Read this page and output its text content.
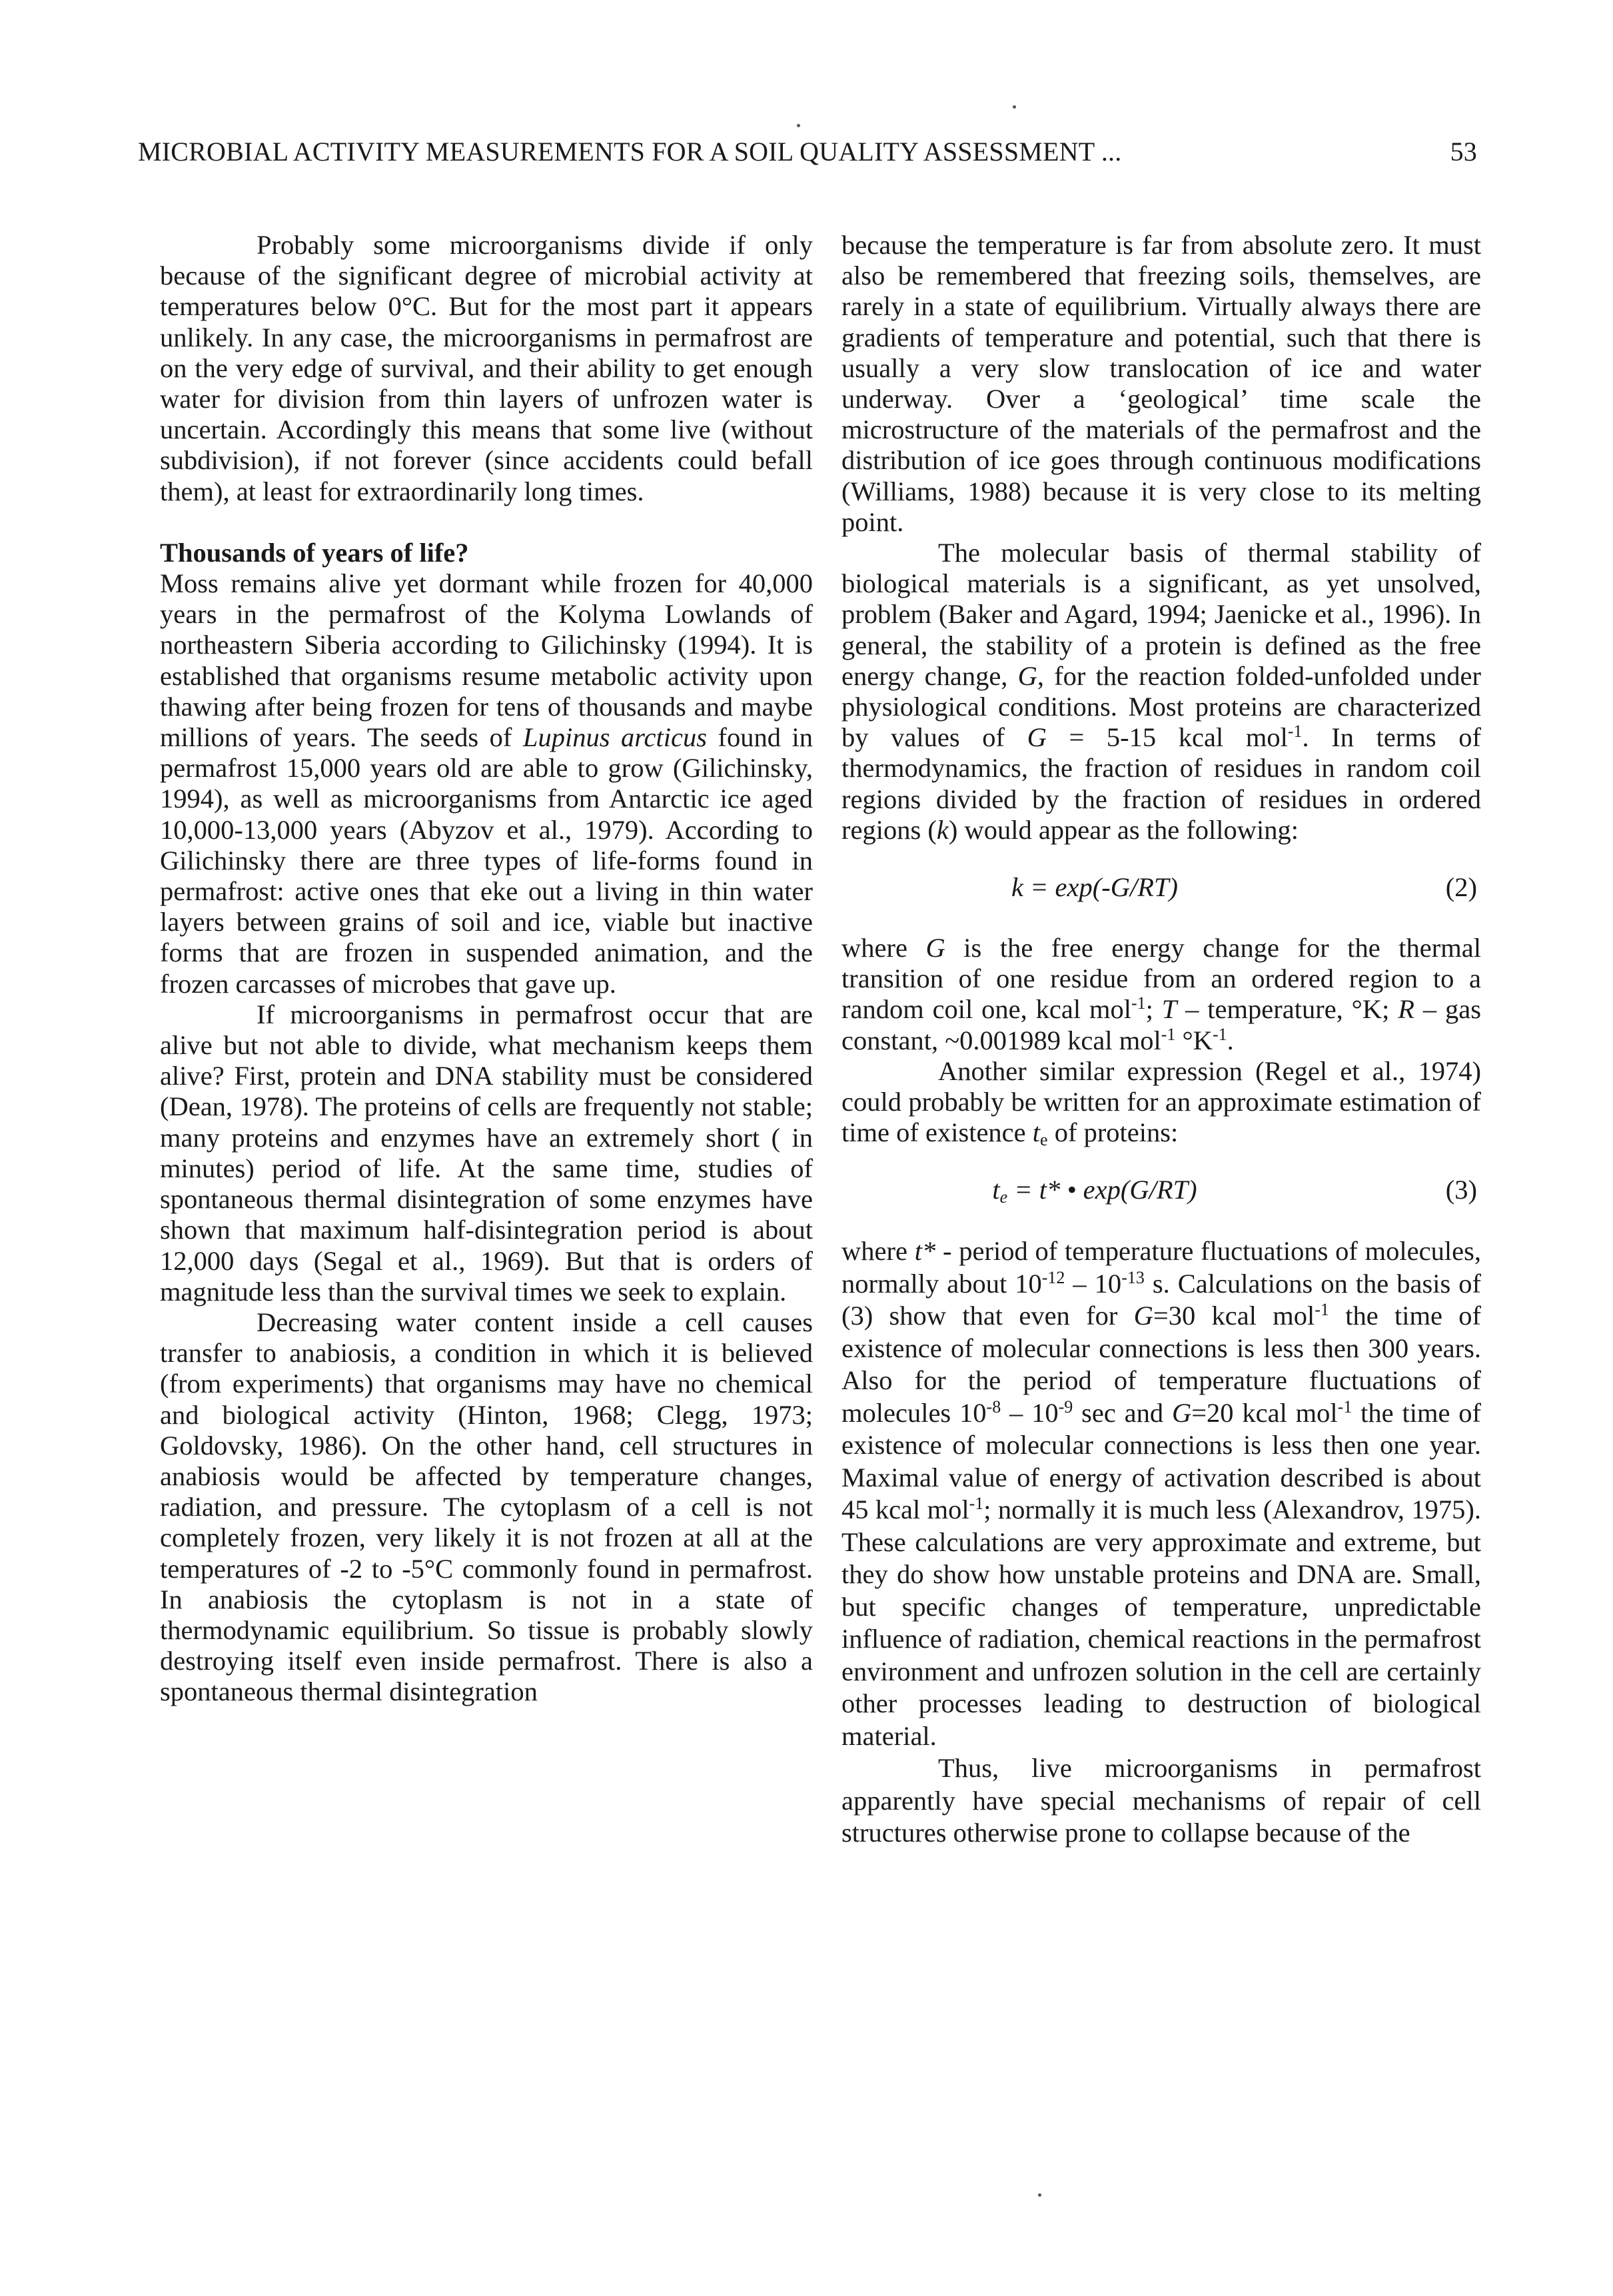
MICROBIAL ACTIVITY MEASUREMENTS FOR A SOIL QUALITY ASSESSMENT ...	53

Probably some microorganisms divide if only because of the significant degree of microbial activity at temperatures below 0°C. But for the most part it appears unlikely. In any case, the microorganisms in permafrost are on the very edge of survival, and their ability to get enough water for division from thin layers of unfrozen water is uncertain. Accordingly this means that some live (without subdivision), if not forever (since accidents could befall them), at least for extraordinarily long times.

Thousands of years of life?

Moss remains alive yet dormant while frozen for 40,000 years in the permafrost of the Kolyma Lowlands of northeastern Siberia according to Gilichinsky (1994). It is established that organisms resume metabolic activity upon thawing after being frozen for tens of thousands and maybe millions of years. The seeds of Lupinus arcticus found in permafrost 15,000 years old are able to grow (Gilichinsky, 1994), as well as microorganisms from Antarctic ice aged 10,000-13,000 years (Abyzov et al., 1979). According to Gilichinsky there are three types of life-forms found in permafrost: active ones that eke out a living in thin water layers between grains of soil and ice, viable but inactive forms that are frozen in suspended animation, and the frozen carcasses of microbes that gave up.

If microorganisms in permafrost occur that are alive but not able to divide, what mechanism keeps them alive? First, protein and DNA stability must be considered (Dean, 1978). The proteins of cells are frequently not stable; many proteins and enzymes have an extremely short ( in minutes) period of life. At the same time, studies of spontaneous thermal disintegration of some enzymes have shown that maximum half-disintegration period is about 12,000 days (Segal et al., 1969). But that is orders of magnitude less than the survival times we seek to explain.

Decreasing water content inside a cell causes transfer to anabiosis, a condition in which it is believed (from experiments) that organisms may have no chemical and biological activity (Hinton, 1968; Clegg, 1973; Goldovsky, 1986). On the other hand, cell structures in anabiosis would be affected by temperature changes, radiation, and pressure. The cytoplasm of a cell is not completely frozen, very likely it is not frozen at all at the temperatures of -2 to -5°C commonly found in permafrost. In anabiosis the cytoplasm is not in a state of thermodynamic equilibrium. So tissue is probably slowly destroying itself even inside permafrost. There is also a spontaneous thermal disintegration

because the temperature is far from absolute zero. It must also be remembered that freezing soils, themselves, are rarely in a state of equilibrium. Virtually always there are gradients of temperature and potential, such that there is usually a very slow translocation of ice and water underway. Over a ‘geological’ time scale the microstructure of the materials of the permafrost and the distribution of ice goes through continuous modifications (Williams, 1988) because it is very close to its melting point.

The molecular basis of thermal stability of biological materials is a significant, as yet unsolved, problem (Baker and Agard, 1994; Jaenicke et al., 1996). In general, the stability of a protein is defined as the free energy change, G, for the reaction folded-unfolded under physiological conditions. Most proteins are characterized by values of G = 5-15 kcal mol$^{-1}$. In terms of thermodynamics, the fraction of residues in random coil regions divided by the fraction of residues in ordered regions (k) would appear as the following:

k = exp(-G/RT)	(2)

where G is the free energy change for the thermal transition of one residue from an ordered region to a random coil one, kcal mol$^{-1}$; T – temperature, °K; R – gas constant, ~0.001989 kcal mol$^{-1}$ $^\circ K^{-1}$.

Another similar expression (Regel et al., 1974) could probably be written for an approximate estimation of time of existence $t_e$ of proteins:

$t_e = t*$ • exp(G/RT)	(3)

where t* - period of temperature fluctuations of molecules, normally about $10^{-12} - 10^{-13}$ s. Calculations on the basis of (3) show that even for G=30 kcal mol$^{-1}$ the time of existence of molecular connections is less then 300 years. Also for the period of temperature fluctuations of molecules $10^{-8} - 10^{-9}$ sec and G=20 kcal mol$^{-1}$ the time of existence of molecular connections is less then one year. Maximal value of energy of activation described is about 45 kcal mol$^{-1}$; normally it is much less (Alexandrov, 1975). These calculations are very approximate and extreme, but they do show how unstable proteins and DNA are. Small, but specific changes of temperature, unpredictable influence of radiation, chemical reactions in the permafrost environment and unfrozen solution in the cell are certainly other processes leading to destruction of biological material.

Thus, live microorganisms in permafrost apparently have special mechanisms of repair of cell structures otherwise prone to collapse because of the
